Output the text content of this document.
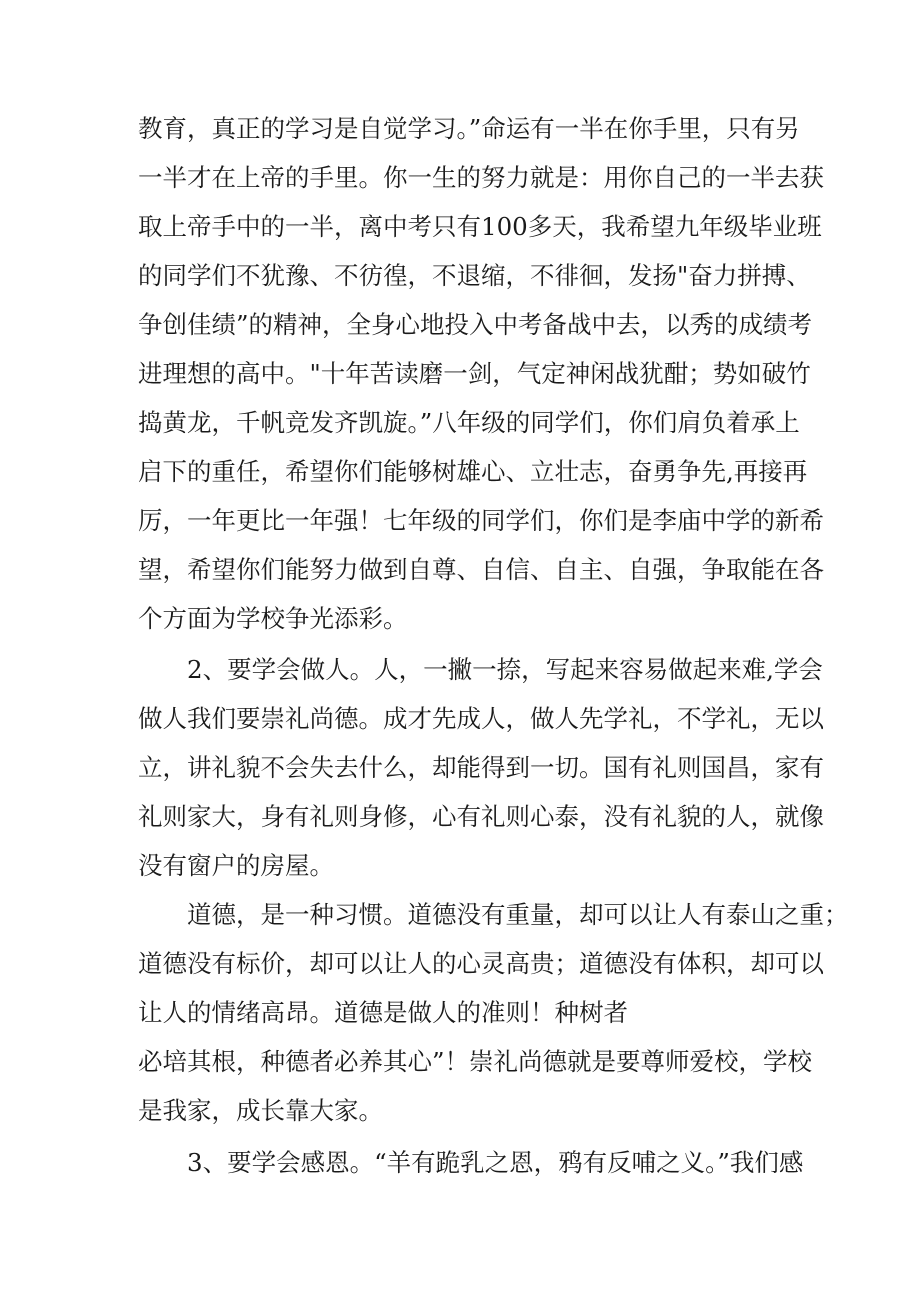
教育，真正的学习是自觉学习。”命运有一半在你手里，只有另
一半才在上帝的手里。你一生的努力就是：用你自己的一半去获
取上帝手中的一半，离中考只有100多天，我希望九年级毕业班
的同学们不犹豫、不彷徨，不退缩，不徘徊，发扬"奋力拼搏、
争创佳绩”的精神，全身心地投入中考备战中去，以秀的成绩考
进理想的高中。"十年苦读磨一剑，气定神闲战犹酣；势如破竹
捣黄龙，千帆竞发齐凯旋。”八年级的同学们，你们肩负着承上
启下的重任，希望你们能够树雄心、立壮志，奋勇争先,再接再
厉，一年更比一年强！七年级的同学们，你们是李庙中学的新希
望，希望你们能努力做到自尊、自信、自主、自强，争取能在各
个方面为学校争光添彩。
2、要学会做人。人，一撇一捺，写起来容易做起来难,学会
做人我们要崇礼尚德。成才先成人，做人先学礼，不学礼，无以
立，讲礼貌不会失去什么，却能得到一切。国有礼则国昌，家有
礼则家大，身有礼则身修，心有礼则心泰，没有礼貌的人，就像
没有窗户的房屋。
道德，是一种习惯。道德没有重量，却可以让人有泰山之重；
道德没有标价，却可以让人的心灵高贵；道德没有体积，却可以
让人的情绪高昂。道德是做人的准则！种树者
必培其根，种德者必养其心”！崇礼尚德就是要尊师爱校，学校
是我家，成长靠大家。
3、要学会感恩。“羊有跪乳之恩，鸦有反哺之义。”我们感
